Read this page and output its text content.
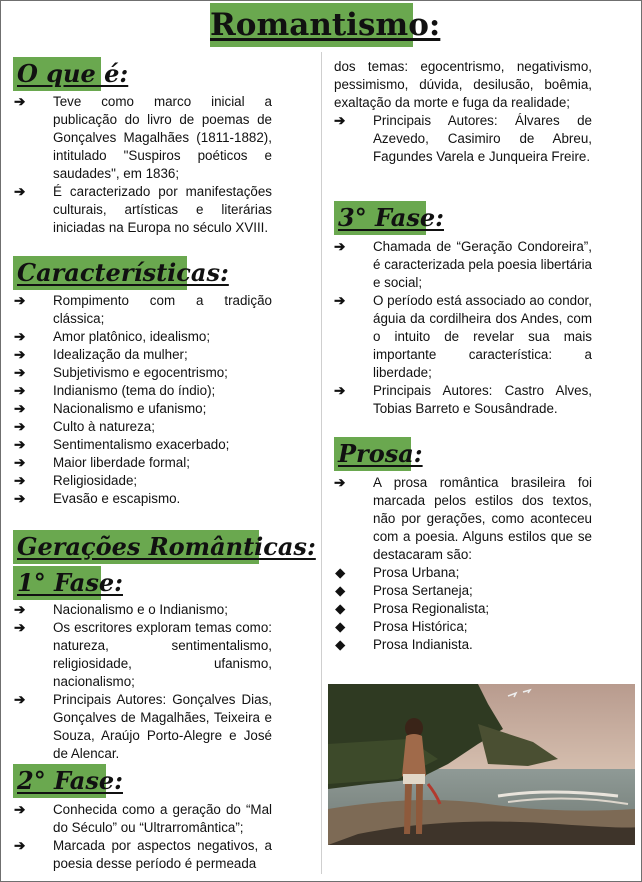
Romantismo:
O que é:

➔ Teve como marco inicial a publicação do livro de poemas de Gonçalves Magalhães (1811-1882), intitulado "Suspiros poéticos e saudades", em 1836;

➔ É caracterizado por manifestações culturais, artísticas e literárias iniciadas na Europa no século XVIII.

Características:

➔ Rompimento com a tradição clássica;

➔ Amor platônico, idealismo;

➔ Idealização da mulher;

➔ Subjetivismo e egocentrismo;

➔ Indianismo (tema do índio);

➔ Nacionalismo e ufanismo;

➔ Culto à natureza;

➔ Sentimentalismo exacerbado;

➔ Maior liberdade formal;

➔ Religiosidade;

➔ Evasão e escapismo.

Gerações Românticas:
1° Fase:

➔ Nacionalismo e o Indianismo;

➔ Os escritores exploram temas como: natureza, sentimentalismo, religiosidade, ufanismo, nacionalismo;

➔ Principais Autores: Gonçalves Dias, Gonçalves de Magalhães, Teixeira e Souza, Araújo Porto-Alegre e José de Alencar.

2° Fase:

➔ Conhecida como a geração do “Mal do Século” ou “Ultrarromântica”;

➔ Marcada por aspectos negativos, a poesia desse período é permeada

dos temas: egocentrismo, negativismo, pessimismo, dúvida, desilusão, boêmia, exaltação da morte e fuga da realidade;

➔ Principais Autores: Álvares de Azevedo, Casimiro de Abreu, Fagundes Varela e Junqueira Freire.

3° Fase:

➔ Chamada de “Geração Condoreira”, é caracterizada pela poesia libertária e social;

➔ O período está associado ao condor, águia da cordilheira dos Andes, com o intuito de revelar sua mais importante característica: a liberdade;

➔ Principais Autores: Castro Alves, Tobias Barreto e Sousândrade.

Prosa:

➔ A prosa romântica brasileira foi marcada pelos estilos dos textos, não por gerações, como aconteceu com a poesia. Alguns estilos que se destacaram são:

◆ Prosa Urbana;

◆ Prosa Sertaneja;

◆ Prosa Regionalista;

◆ Prosa Histórica;

◆ Prosa Indianista.
